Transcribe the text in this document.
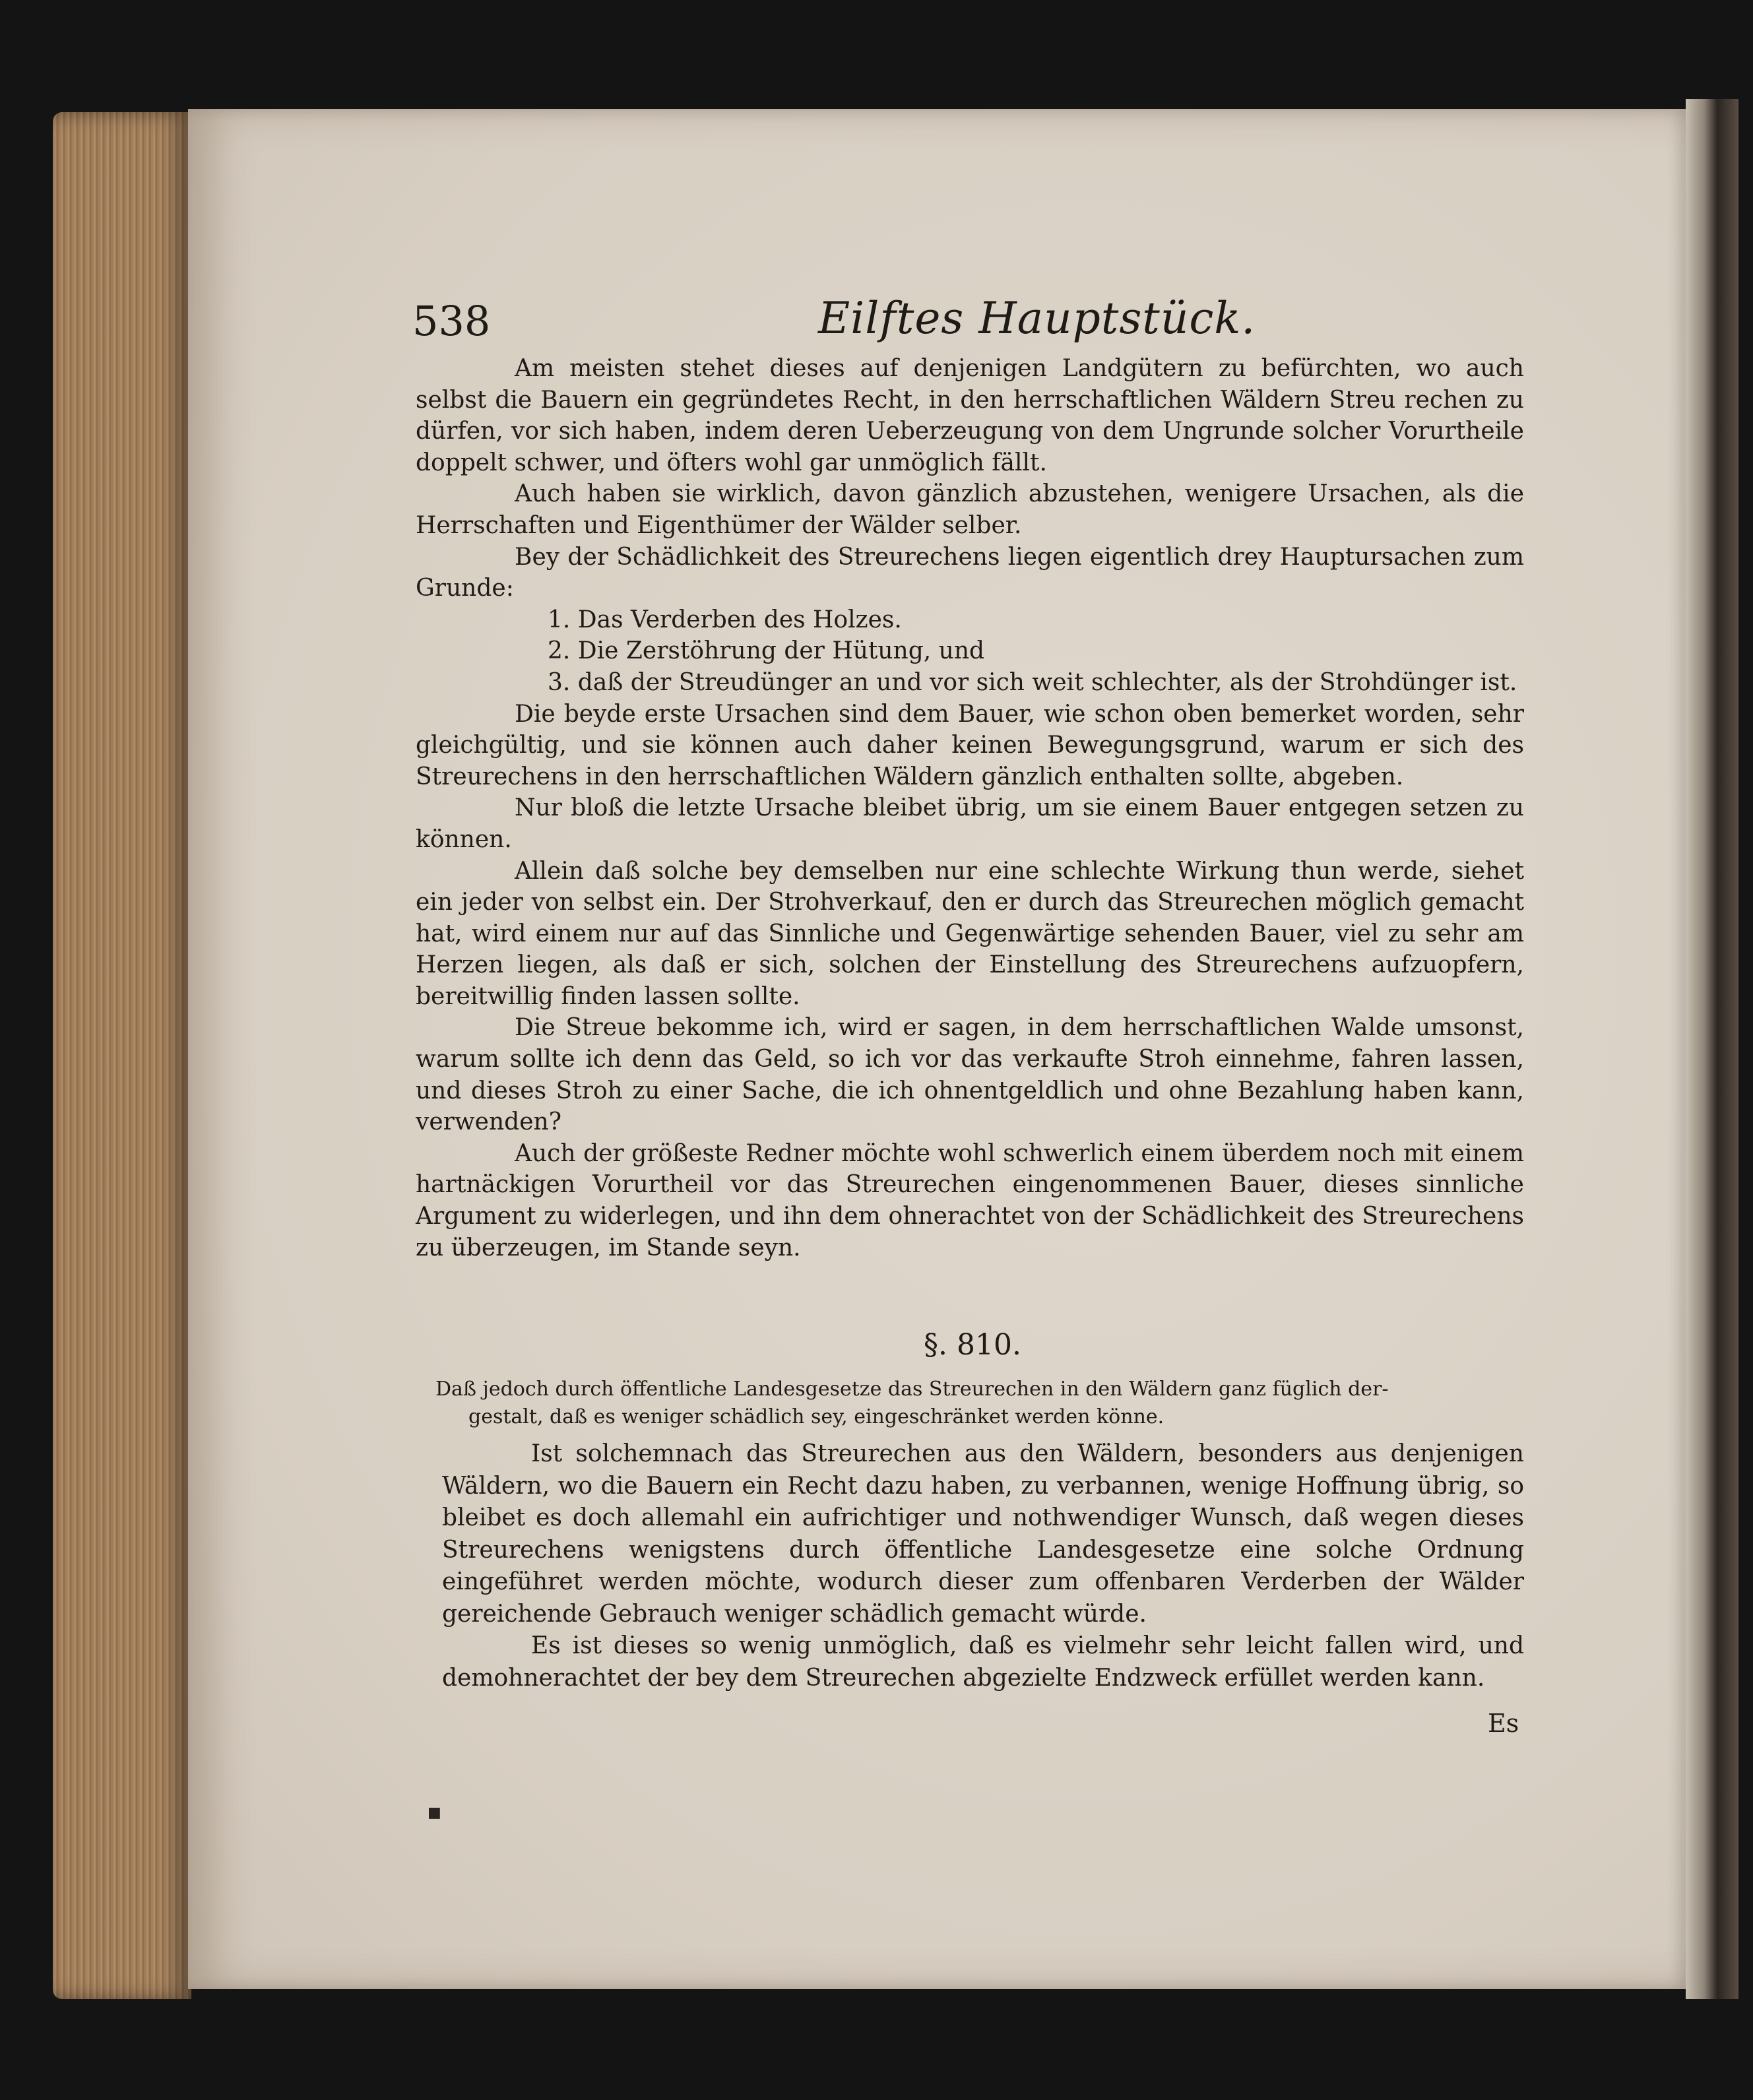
538	Eilftes Hauptstück.

Am meisten stehet dieses auf denjenigen Landgütern zu befürchten, wo auch selbst die Bauern ein gegründetes Recht, in den herrschaftlichen Wäldern Streu rechen zu dürfen, vor sich haben, indem deren Ueberzeugung von dem Ungrunde solcher Vorurtheile doppelt schwer, und öfters wohl gar unmöglich fällt.

Auch haben sie wirklich, davon gänzlich abzustehen, wenigere Ursachen, als die Herrschaften und Eigenthümer der Wälder selber.

Bey der Schädlichkeit des Streurechens liegen eigentlich drey Hauptursachen zum Grunde:

1. Das Verderben des Holzes.
2. Die Zerstöhrung der Hütung, und
3. daß der Streudünger an und vor sich weit schlechter, als der Strohdünger ist.

Die beyde erste Ursachen sind dem Bauer, wie schon oben bemerket worden, sehr gleichgültig, und sie können auch daher keinen Bewegungsgrund, warum er sich des Streurechens in den herrschaftlichen Wäldern gänzlich enthalten sollte, abgeben.

Nur bloß die letzte Ursache bleibet übrig, um sie einem Bauer entgegen setzen zu können.

Allein daß solche bey demselben nur eine schlechte Wirkung thun werde, siehet ein jeder von selbst ein. Der Strohverkauf, den er durch das Streurechen möglich gemacht hat, wird einem nur auf das Sinnliche und Gegenwärtige sehenden Bauer, viel zu sehr am Herzen liegen, als daß er sich, solchen der Einstellung des Streurechens aufzuopfern, bereitwillig finden lassen sollte.

Die Streue bekomme ich, wird er sagen, in dem herrschaftlichen Walde umsonst, warum sollte ich denn das Geld, so ich vor das verkaufte Stroh einnehme, fahren lassen, und dieses Stroh zu einer Sache, die ich ohnentgeldlich und ohne Bezahlung haben kann, verwenden?

Auch der größeste Redner möchte wohl schwerlich einem überdem noch mit einem hartnäckigen Vorurtheil vor das Streurechen eingenommenen Bauer, dieses sinnliche Argument zu widerlegen, und ihn dem ohnerachtet von der Schädlichkeit des Streurechens zu überzeugen, im Stande seyn.

§. 810.
Daß jedoch durch öffentliche Landesgesetze das Streurechen in den Wäldern ganz füglich der-
gestalt, daß es weniger schädlich sey, eingeschränket werden könne.

Ist solchemnach das Streurechen aus den Wäldern, besonders aus denjenigen Wäldern, wo die Bauern ein Recht dazu haben, zu verbannen, wenige Hoffnung übrig, so bleibet es doch allemahl ein aufrichtiger und nothwendiger Wunsch, daß wegen dieses Streurechens wenigstens durch öffentliche Landesgesetze eine solche Ordnung eingeführet werden möchte, wodurch dieser zum offenbaren Verderben der Wälder gereichende Gebrauch weniger schädlich gemacht würde.

Es ist dieses so wenig unmöglich, daß es vielmehr sehr leicht fallen wird, und demohnerachtet der bey dem Streurechen abgezielte Endzweck erfüllet werden kann.

Es
■
